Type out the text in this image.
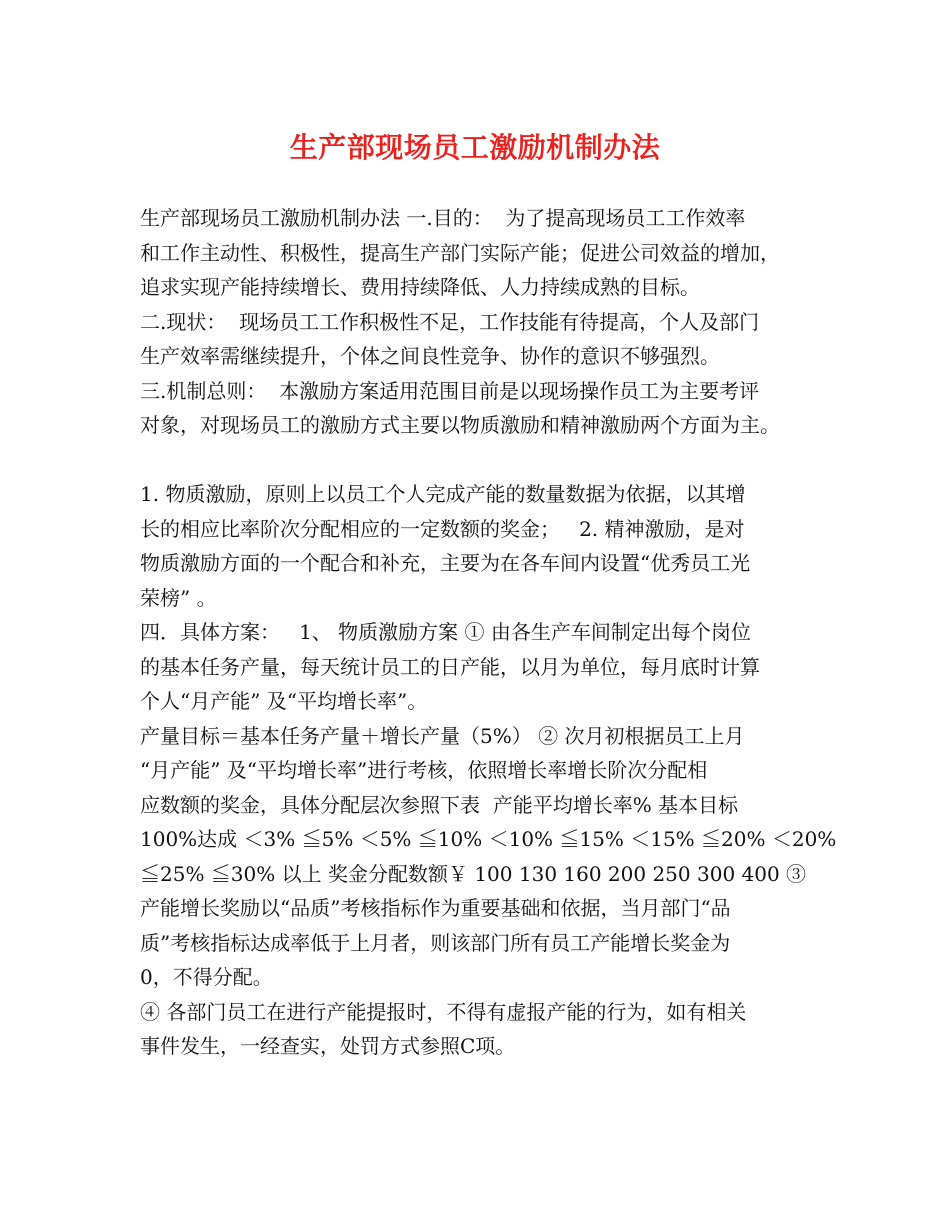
生产部现场员工激励机制办法

生产部现场员工激励机制办法 一.目的：  为了提高现场员工工作效率

和工作主动性、积极性，提高生产部门实际产能；促进公司效益的增加，

追求实现产能持续增长、费用持续降低、人力持续成熟的目标。

二.现状：  现场员工工作积极性不足，工作技能有待提高，个人及部门

生产效率需继续提升，个体之间良性竞争、协作的意识不够强烈。

三.机制总则：  本激励方案适用范围目前是以现场操作员工为主要考评

对象，对现场员工的激励方式主要以物质激励和精神激励两个方面为主。

1. 物质激励，原则上以员工个人完成产能的数量数据为依据，以其增

长的相应比率阶次分配相应的一定数额的奖金；   2. 精神激励，是对

物质激励方面的一个配合和补充，主要为在各车间内设置“优秀员工光

荣榜” 。

四．具体方案：   1、 物质激励方案 ① 由各生产车间制定出每个岗位

的基本任务产量，每天统计员工的日产能，以月为单位，每月底时计算

个人“月产能” 及“平均增长率”。

产量目标＝基本任务产量＋增长产量（5%） ② 次月初根据员工上月

“月产能” 及“平均增长率”进行考核，依照增长率增长阶次分配相

应数额的奖金，具体分配层次参照下表  产能平均增长率% 基本目标

100%达成 ＜3% ≦5% ＜5% ≦10% ＜10% ≦15% ＜15% ≦20% ＜20%

≦25% ≦30% 以上 奖金分配数额￥ 100 130 160 200 250 300 400 ③

产能增长奖励以“品质”考核指标作为重要基础和依据，当月部门“品

质”考核指标达成率低于上月者，则该部门所有员工产能增长奖金为

0，不得分配。

④ 各部门员工在进行产能提报时，不得有虚报产能的行为，如有相关

事件发生，一经查实，处罚方式参照C项。
